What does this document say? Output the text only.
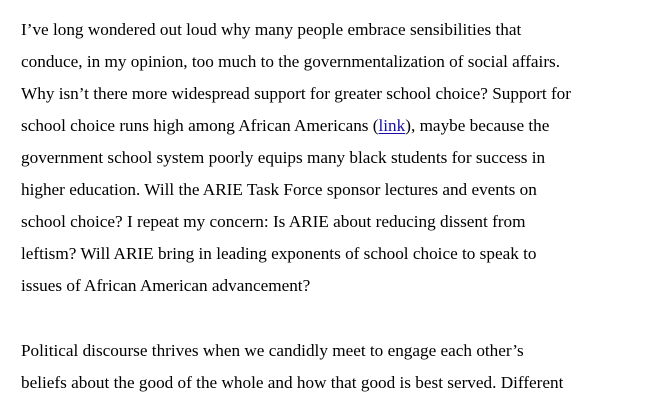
I’ve long wondered out loud why many people embrace sensibilities that
conduce, in my opinion, too much to the governmentalization of social affairs.
Why isn’t there more widespread support for greater school choice? Support for
school choice runs high among African Americans (link), maybe because the
government school system poorly equips many black students for success in
higher education. Will the ARIE Task Force sponsor lectures and events on
school choice? I repeat my concern: Is ARIE about reducing dissent from
leftism? Will ARIE bring in leading exponents of school choice to speak to
issues of African American advancement?
Political discourse thrives when we candidly meet to engage each other’s
beliefs about the good of the whole and how that good is best served. Different
